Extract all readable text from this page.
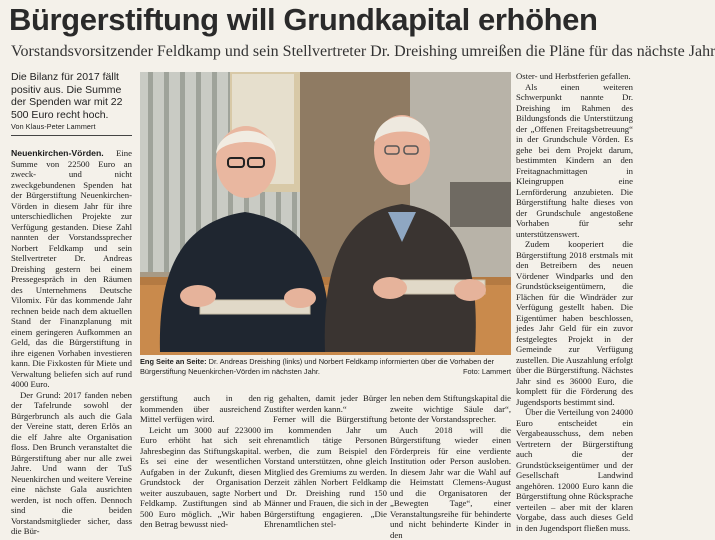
Bürgerstiftung will Grundkapital erhöhen
Vorstandsvorsitzender Feldkamp und sein Stellvertreter Dr. Dreishing umreißen die Pläne für das nächste Jahr
Die Bilanz für 2017 fällt positiv aus. Die Summe der Spenden war mit 22 500 Euro recht hoch.
Von Klaus-Peter Lammert

Neuenkirchen-Vörden. Eine Summe von 22500 Euro an zweck- und nicht zweckgebundenen Spenden hat der Bürgerstiftung Neuenkirchen-Vörden in diesem Jahr für ihre unterschiedlichen Projekte zur Verfügung gestanden. Diese Zahl nannten der Vorstandssprecher Norbert Feldkamp und sein Stellvertreter Dr. Andreas Dreishing gestern bei einem Pressegespräch in den Räumen des Unternehmens Deutsche Vilomix. Für das kommende Jahr rechnen beide nach dem aktuellen Stand der Finanzplanung mit einem geringeren Aufkommen an Geld, das die Bürgerstiftung in ihre eigenen Vorhaben investieren kann. Die Fixkosten für Miete und Verwaltung beliefen sich auf rund 4000 Euro.

Der Grund: 2017 fanden neben der Tafelrunde sowohl der Bürgerbrunch als auch die Gala der Vereine statt, deren Erlös an die elf Jahre alte Organisation floss. Den Brunch veranstaltet die Bürgerstiftung aber nur alle zwei Jahre. Und wann der TuS Neuenkirchen und weitere Vereine eine nächste Gala ausrichten werden, ist noch offen. Dennoch sind die beiden Vorstandsmitglieder sicher, dass die Bür-

Eng Seite an Seite: Dr. Andreas Dreishing (links) und Norbert Feldkamp informierten über die Vorhaben der Bürgerstiftung Neuenkirchen-Vörden im nächsten Jahr.	Foto: Lammert

gerstiftung auch in den kommenden über ausreichend Mittel verfügen wird.

Leicht um 3000 auf 223000 Euro erhöht hat sich seit Jahresbeginn das Stiftungskapital. Es sei eine der wesentlichen Aufgaben in der Zukunft, diesen Grundstock der Organisation weiter auszubauen, sagte Norbert Feldkamp. Zustiftungen sind ab 500 Euro möglich. „Wir haben den Betrag bewusst nied-

rig gehalten, damit jeder Bürger Zustifter werden kann.“

Ferner will die Bürgerstiftung im kommenden Jahr um ehrenamtlich tätige Personen werben, die zum Beispiel den Vorstand unterstützen, ohne gleich Mitglied des Gremiums zu werden. Derzeit zählen Norbert Feldkamp und Dr. Dreishing rund 150 Männer und Frauen, die sich in der Bürgerstiftung engagieren. „Die Ehrenamtlichen stel-

len neben dem Stiftungskapital die zweite wichtige Säule dar“, betonte der Vorstandssprecher.

Auch 2018 will die Bürgerstiftung wieder einen Förderpreis für eine verdiente Institution oder Person ausloben. In diesem Jahr war die Wahl auf die Heimstatt Clemens-August und die Organisatoren der „Bewegten Tage“, einer Veranstaltungsreihe für behinderte und nicht behinderte Kinder in den

Oster- und Herbstferien gefallen.

Als einen weiteren Schwerpunkt nannte Dr. Dreishing im Rahmen des Bildungsfonds die Unterstützung der „Offenen Freitagsbetreuung“ in der Grundschule Vörden. Es gehe bei dem Projekt darum, bestimmten Kindern an den Freitagnachmittagen in Kleingruppen eine Lernförderung anzubieten. Die Bürgerstiftung halte dieses von der Grundschule angestoßene Vorhaben für sehr unterstützenswert.

Zudem kooperiert die Bürgerstiftung 2018 erstmals mit den Betreibern des neuen Vördener Windparks und den Grundstückseigentümern, die Flächen für die Windräder zur Verfügung gestellt haben. Die Eigentümer haben beschlossen, jedes Jahr Geld für ein zuvor festgelegtes Projekt in der Gemeinde zur Verfügung zustellen. Die Auszahlung erfolgt über die Bürgerstiftung. Nächstes Jahr sind es 36000 Euro, die komplett für die Förderung des Jugendsports bestimmt sind.

Über die Verteilung von 24000 Euro entscheidet ein Vergabeausschuss, dem neben Vertretern der Bürgerstiftung auch die der Grundstückseigentümer und der Gesellschaft Landwind angehören. 12000 Euro kann die Bürgerstiftung ohne Rücksprache verteilen – aber mit der klaren Vorgabe, dass auch dieses Geld in den Jugendsport fließen muss.
